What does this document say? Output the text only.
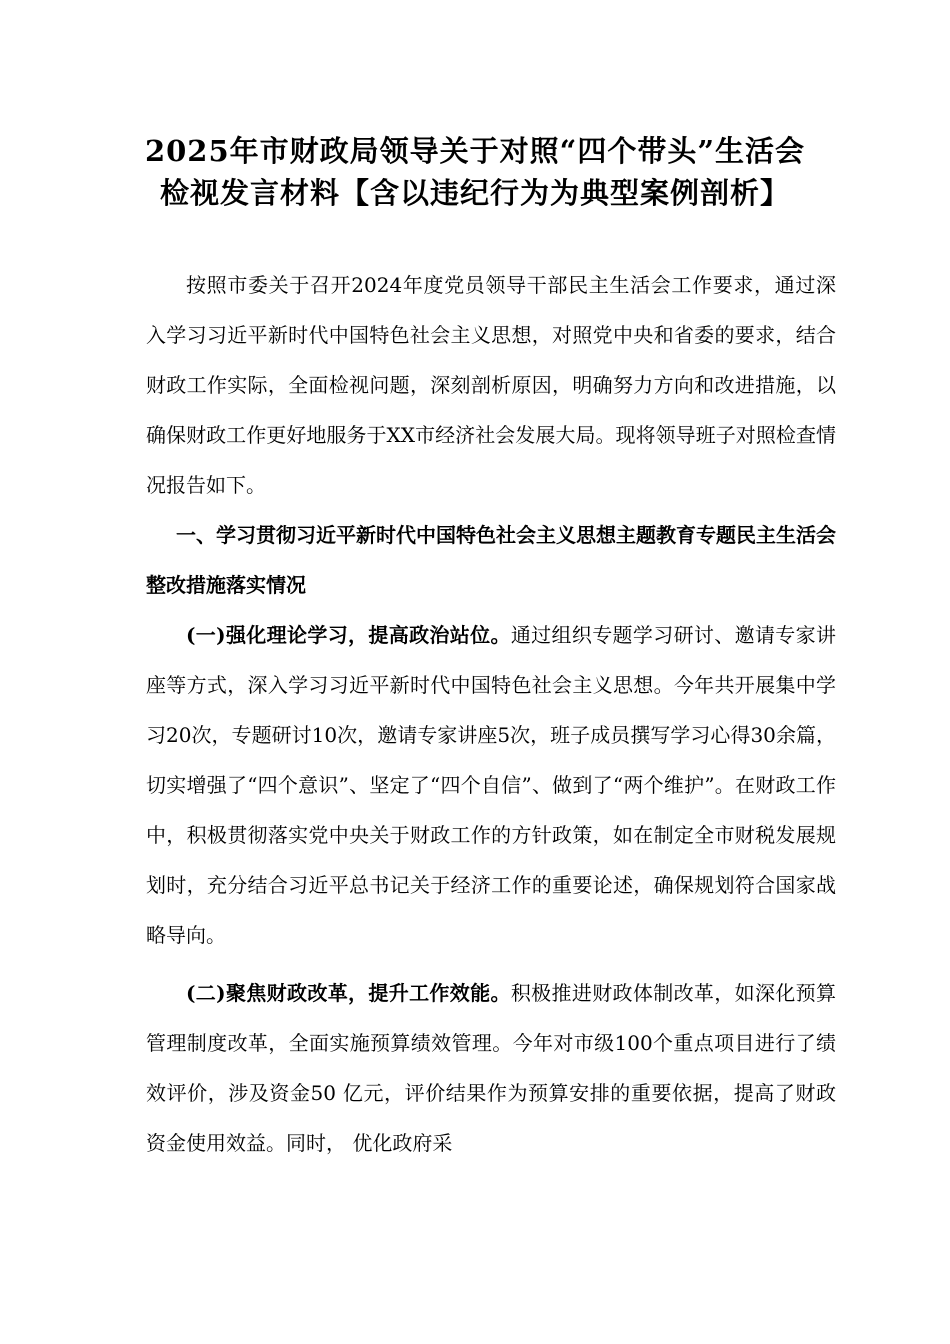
2025年市财政局领导关于对照“四个带头”生活会
检视发言材料【含以违纪行为为典型案例剖析】

按照市委关于召开2024年度党员领导干部民主生活会工作要求，通过深入学习习近平新时代中国特色社会主义思想，对照党中央和省委的要求，结合财政工作实际，全面检视问题，深刻剖析原因，明确努力方向和改进措施，以确保财政工作更好地服务于XX市经济社会发展大局。现将领导班子对照检查情况报告如下。

一、学习贯彻习近平新时代中国特色社会主义思想主题教育专题民主生活会整改措施落实情况

(一)强化理论学习，提高政治站位。通过组织专题学习研讨、邀请专家讲座等方式，深入学习习近平新时代中国特色社会主义思想。今年共开展集中学习20次，专题研讨10次，邀请专家讲座5次，班子成员撰写学习心得30余篇，切实增强了“四个意识”、坚定了“四个自信”、做到了“两个维护”。在财政工作中，积极贯彻落实党中央关于财政工作的方针政策，如在制定全市财税发展规划时，充分结合习近平总书记关于经济工作的重要论述，确保规划符合国家战略导向。

(二)聚焦财政改革，提升工作效能。积极推进财政体制改革，如深化预算管理制度改革，全面实施预算绩效管理。今年对市级100个重点项目进行了绩效评价，涉及资金50 亿元，评价结果作为预算安排的重要依据，提高了财政资金使用效益。同时， 优化政府采
